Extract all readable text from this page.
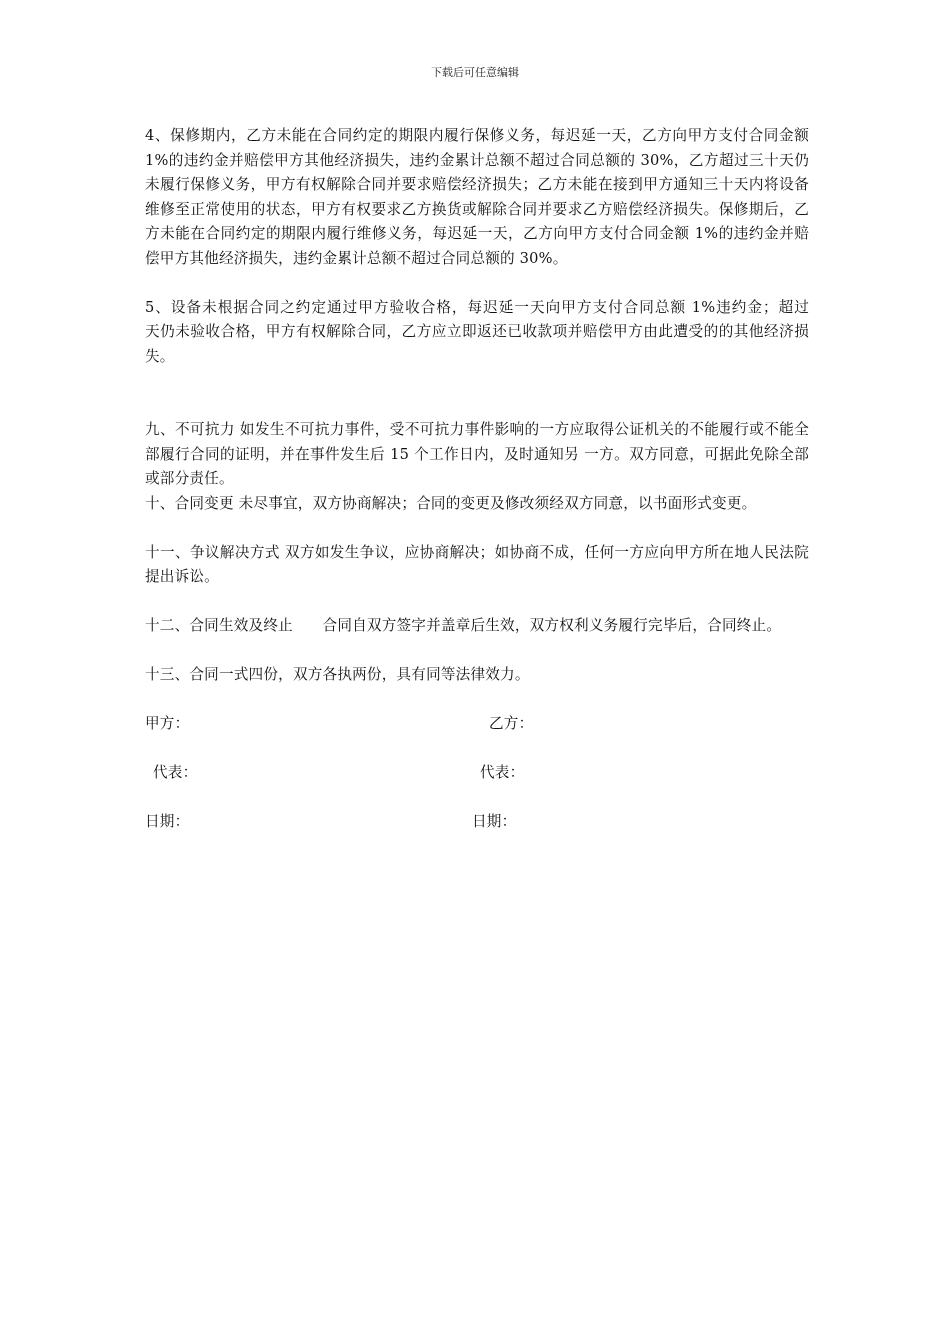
下载后可任意编辑

4、保修期内，乙方未能在合同约定的期限内履行保修义务，每迟延一天，乙方向甲方支付合同金额 1%的违约金并赔偿甲方其他经济损失，违约金累计总额不超过合同总额的 30%，乙方超过三十天仍未履行保修义务，甲方有权解除合同并要求赔偿经济损失；乙方未能在接到甲方通知三十天内将设备维修至正常使用的状态，甲方有权要求乙方换货或解除合同并要求乙方赔偿经济损失。保修期后，乙方未能在合同约定的期限内履行维修义务，每迟延一天，乙方向甲方支付合同金额 1%的违约金并赔偿甲方其他经济损失，违约金累计总额不超过合同总额的 30%。

5、设备未根据合同之约定通过甲方验收合格，每迟延一天向甲方支付合同总额 1%违约金；超过　　天仍未验收合格，甲方有权解除合同，乙方应立即返还已收款项并赔偿甲方由此遭受的的其他经济损失。

九、不可抗力 如发生不可抗力事件，受不可抗力事件影响的一方应取得公证机关的不能履行或不能全部履行合同的证明，并在事件发生后 15 个工作日内，及时通知另 一方。双方同意，可据此免除全部或部分责任。

十、合同变更 未尽事宜，双方协商解决；合同的变更及修改须经双方同意，以书面形式变更。

十一、争议解决方式 双方如发生争议，应协商解决；如协商不成，任何一方应向甲方所在地人民法院提出诉讼。

十二、合同生效及终止　　合同自双方签字并盖章后生效，双方权利义务履行完毕后，合同终止。

十三、合同一式四份，双方各执两份，具有同等法律效力。

甲方：	乙方：
代表：	代表：
日期：	日期：
